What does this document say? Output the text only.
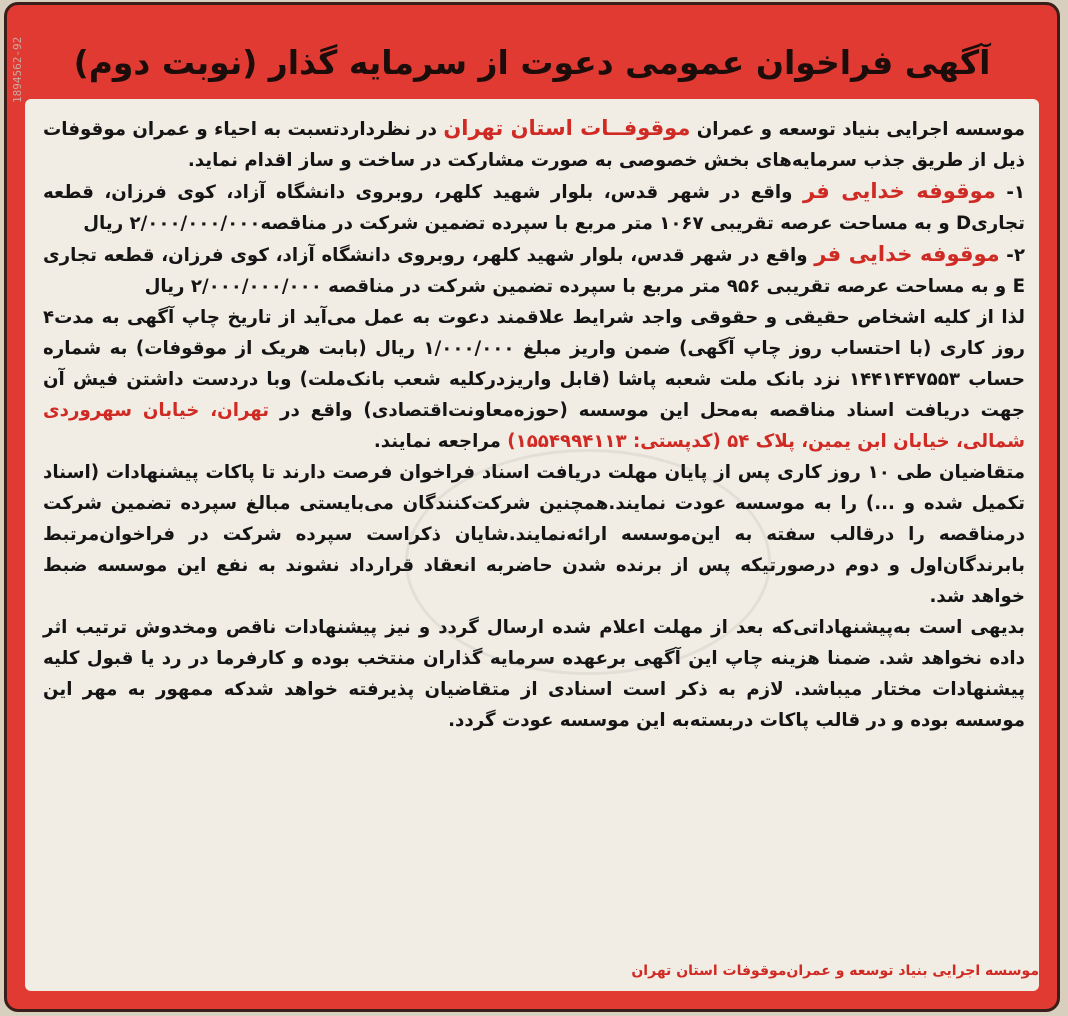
1894562-92	آگهی فراخوان عمومی دعوت از سرمایه گذار (نوبت دوم)

موسسه اجرایی بنیاد توسعه و عمران موقوفــات استان تهران در نظرداردتسبت به احیاء و عمران موقوفات ذیل از طریق جذب سرمایه‌های بخش خصوصی به صورت مشارکت در ساخت و ساز اقدام نماید.

۱- موقوفه خدایی فر واقع در شهر قدس، بلوار شهید کلهر، روبروی دانشگاه آزاد، کوی فرزان، قطعه تجاریD و به مساحت عرصه تقریبی ۱۰۶۷ متر مربع با سپرده تضمین شرکت در مناقصه۲/۰۰۰/۰۰۰/۰۰۰ ریال

۲- موقوفه خدایی فر واقع در شهر قدس، بلوار شهید کلهر، روبروی دانشگاه آزاد، کوی فرزان، قطعه تجاری E و به مساحت عرصه تقریبی ۹۵۶ متر مربع با سپرده تضمین شرکت در مناقصه ۲/۰۰۰/۰۰۰/۰۰۰ ریال

لذا از کلیه اشخاص حقیقی و حقوقی واجد شرایط علاقمند دعوت به عمل می‌آید از تاریخ چاپ آگهی به مدت۴ روز کاری (با احتساب روز چاپ آگهی) ضمن واریز مبلغ ۱/۰۰۰/۰۰۰ ریال (بابت هریک از موقوفات) به شماره حساب ۱۴۴۱۴۴۷۵۵۳ نزد بانک ملت شعبه پاشا (قابل واریزدرکلیه شعب بانک‌ملت) وبا دردست داشتن فیش آن جهت دریافت اسناد مناقصه به‌محل این موسسه (حوزه‌معاونت‌اقتصادی) واقع در تهران، خیابان سهروردی شمالی، خیابان ابن یمین، پلاک ۵۴ (کدپستی: ۱۵۵۴۹۹۴۱۱۳) مراجعه نمایند.

متقاضیان طی ۱۰ روز کاری پس از پایان مهلت دریافت اسناد فراخوان فرصت دارند تا پاکات پیشنهادات (اسناد تکمیل شده و ...) را به موسسه عودت نمایند.همچنین شرکت‌کنندگان می‌بایستی مبالغ سپرده تضمین شرکت درمناقصه را درقالب سفته به این‌موسسه ارائه‌نمایند.شایان ذکراست سپرده شرکت در فراخوان‌مرتبط بابرندگان‌اول و دوم درصورتیکه پس از برنده شدن حاضربه انعقاد قرارداد نشوند به نفع این موسسه ضبط خواهد شد.

بدیهی است به‌پیشنهاداتی‌که بعد از مهلت اعلام شده ارسال گردد و نیز پیشنهادات ناقص ومخدوش ترتیب اثر داده نخواهد شد. ضمنا هزینه چاپ این آگهی برعهده سرمایه گذاران منتخب بوده و کارفرما در رد یا قبول کلیه پیشنهادات مختار میباشد. لازم به ذکر است اسنادی از متقاضیان پذیرفته خواهد شدکه ممهور به مهر این موسسه بوده و در قالب پاکات دربسته‌به این موسسه عودت گردد.

موسسه اجرایی بنیاد توسعه و عمران‌موقوفات استان تهران
